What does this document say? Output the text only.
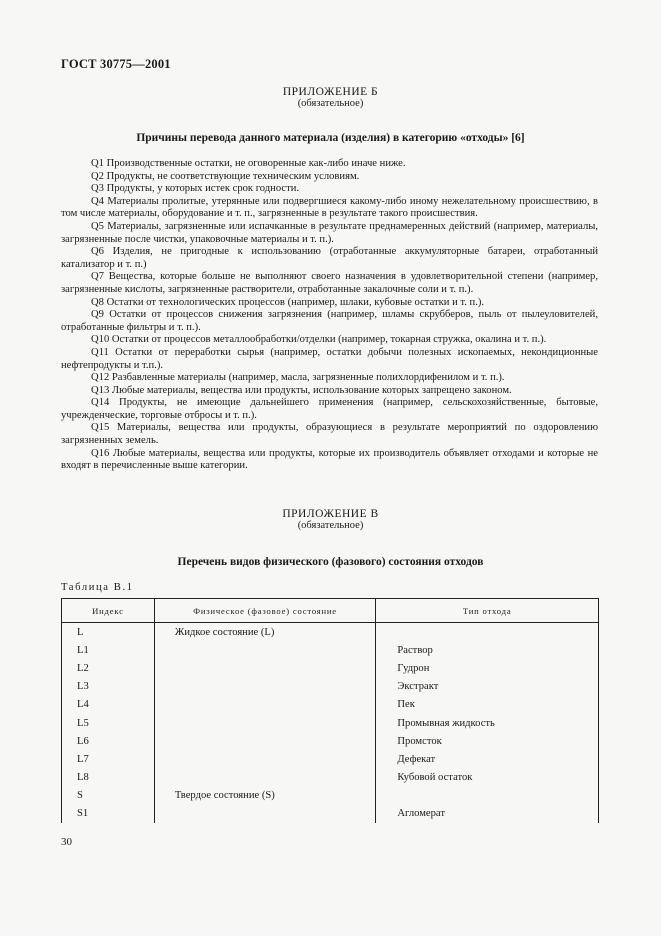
ГОСТ 30775—2001
ПРИЛОЖЕНИЕ Б
(обязательное)
Причины перевода данного материала (изделия) в категорию «отходы» [6]

Q1 Производственные остатки, не оговоренные как-либо иначе ниже.

Q2 Продукты, не соответствующие техническим условиям.

Q3 Продукты, у которых истек срок годности.

Q4 Материалы пролитые, утерянные или подвергшиеся какому-либо иному нежелательному происшествию, в том числе материалы, оборудование и т. п., загрязненные в результате такого происшествия.

Q5 Материалы, загрязненные или испачканные в результате преднамеренных действий (например, материалы, загрязненные после чистки, упаковочные материалы и т. п.).

Q6 Изделия, не пригодные к использованию (отработанные аккумуляторные батареи, отработанный катализатор и т. п.)

Q7 Вещества, которые больше не выполняют своего назначения в удовлетворительной степени (например, загрязненные кислоты, загрязненные растворители, отработанные закалочные соли и т. п.).

Q8 Остатки от технологических процессов (например, шлаки, кубовые остатки и т. п.).

Q9 Остатки от процессов снижения загрязнения (например, шламы скрубберов, пыль от пылеуловителей, отработанные фильтры и т. п.).

Q10 Остатки от процессов металлообработки/отделки (например, токарная стружка, окалина и т. п.).

Q11 Остатки от переработки сырья (например, остатки добычи полезных ископаемых, некондиционные нефтепродукты и т.п.).

Q12 Разбавленные материалы (например, масла, загрязненные полихлордифенилом и т. п.).

Q13 Любые материалы, вещества или продукты, использование которых запрещено законом.

Q14 Продукты, не имеющие дальнейшего применения (например, сельскохозяйственные, бытовые, учрежденческие, торговые отбросы и т. п.).

Q15 Материалы, вещества или продукты, образующиеся в результате мероприятий по оздоровлению загрязненных земель.

Q16 Любые материалы, вещества или продукты, которые их производитель объявляет отходами и которые не входят в перечисленные выше категории.

ПРИЛОЖЕНИЕ В
(обязательное)
Перечень видов физического (фазового) состояния отходов
Таблица В.1
Индекс	Физическое (фазовое) состояние	Тип отхода
L	Жидкое состояние (L)	
L1		Раствор
L2		Гудрон
L3		Экстракт
L4		Пек
L5		Промывная жидкость
L6		Промсток
L7		Дефекат
L8		Кубовой остаток
S	Твердое состояние (S)	
S1		Агломерат
30
